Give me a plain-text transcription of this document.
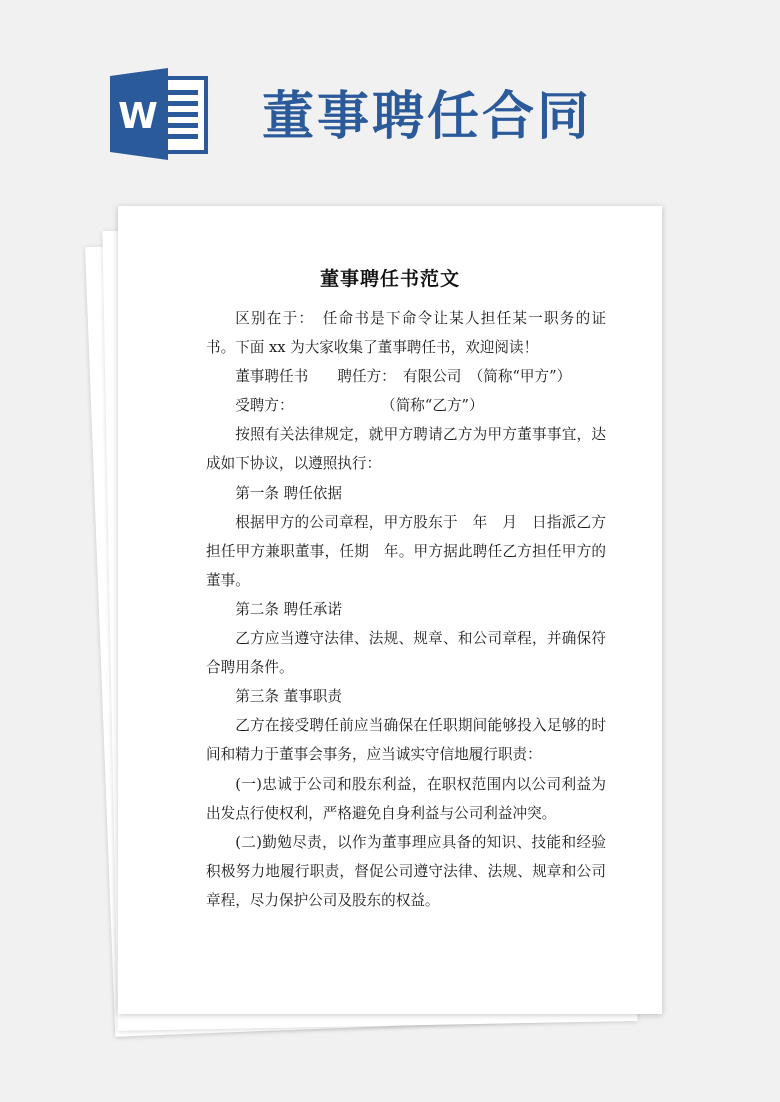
W 董事聘任合同
董事聘任书范文

区别在于：　任命书是下命令让某人担任某一职务的证书。下面 xx 为大家收集了董事聘任书，欢迎阅读！

董事聘任书　　聘任方：　有限公司　（简称“甲方”）

受聘方：　　　　　　　（简称“乙方”）

按照有关法律规定，就甲方聘请乙方为甲方董事事宜，达成如下协议，以遵照执行：

第一条 聘任依据

根据甲方的公司章程，甲方股东于　年　月　日指派乙方担任甲方兼职董事，任期　年。甲方据此聘任乙方担任甲方的董事。

第二条 聘任承诺

乙方应当遵守法律、法规、规章、和公司章程，并确保符合聘用条件。

第三条 董事职责

乙方在接受聘任前应当确保在任职期间能够投入足够的时间和精力于董事会事务，应当诚实守信地履行职责：

(一)忠诚于公司和股东利益，在职权范围内以公司利益为出发点行使权利，严格避免自身利益与公司利益冲突。

(二)勤勉尽责，以作为董事理应具备的知识、技能和经验积极努力地履行职责，督促公司遵守法律、法规、规章和公司章程，尽力保护公司及股东的权益。
